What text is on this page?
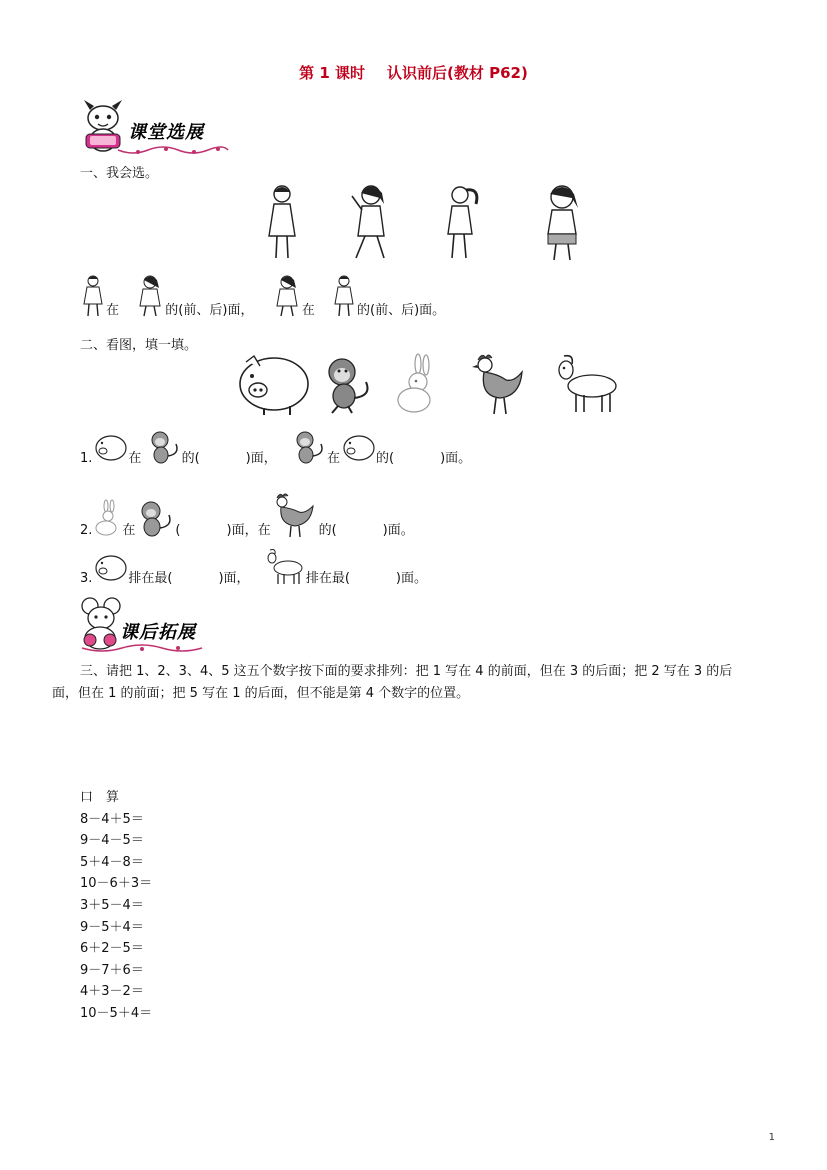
第 1 课时 认识前后(教材 P62)
课堂选展
一、我会选。
在	的(前、后)面，	在	的(前、后)面。
二、看图，填一填。
1.	在	的(	)面，	在	的(	)面。
2. 在	(	)面，在	的(	)面。
3.	排在最(	)面，	排在最(	)面。
课后拓展
三、请把 1、2、3、4、5 这五个数字按下面的要求排列：把 1 写在 4 的前面，但在 3 的后面；把 2 写在 3 的后
面，但在 1 的前面；把 5 写在 1 的后面，但不能是第 4 个数字的位置。
口　算
8－4＋5＝
9－4－5＝
5＋4－8＝
10－6＋3＝
3＋5－4＝
9－5＋4＝
6＋2－5＝
9－7＋6＝
4＋3－2＝
10－5＋4＝
1
